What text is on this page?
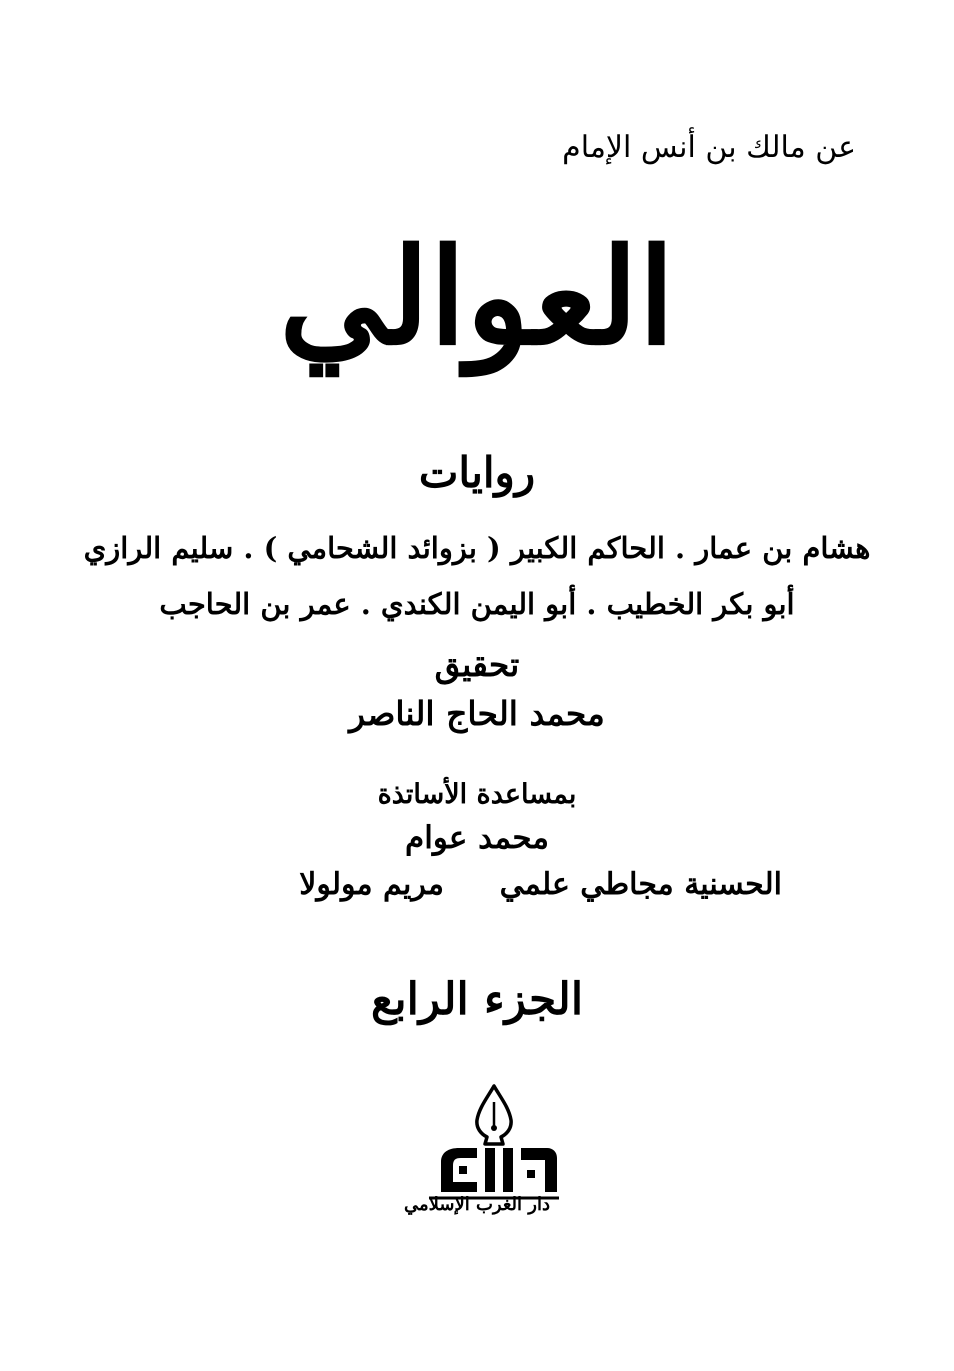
عن مالك بن أنس الإمام
العوالي
روايات
هشام بن عمار . الحاكم الكبير ( بزوائد الشحامي ) . سليم الرازي
أبو بكر الخطيب . أبو اليمن الكندي . عمر بن الحاجب
تحقيق
محمد الحاج الناصر
بمساعدة الأساتذة
محمد عوام
الحسنية مجاطي علمي
مريم مولولا
الجزء الرابع
دار الغرب الإسلامي
